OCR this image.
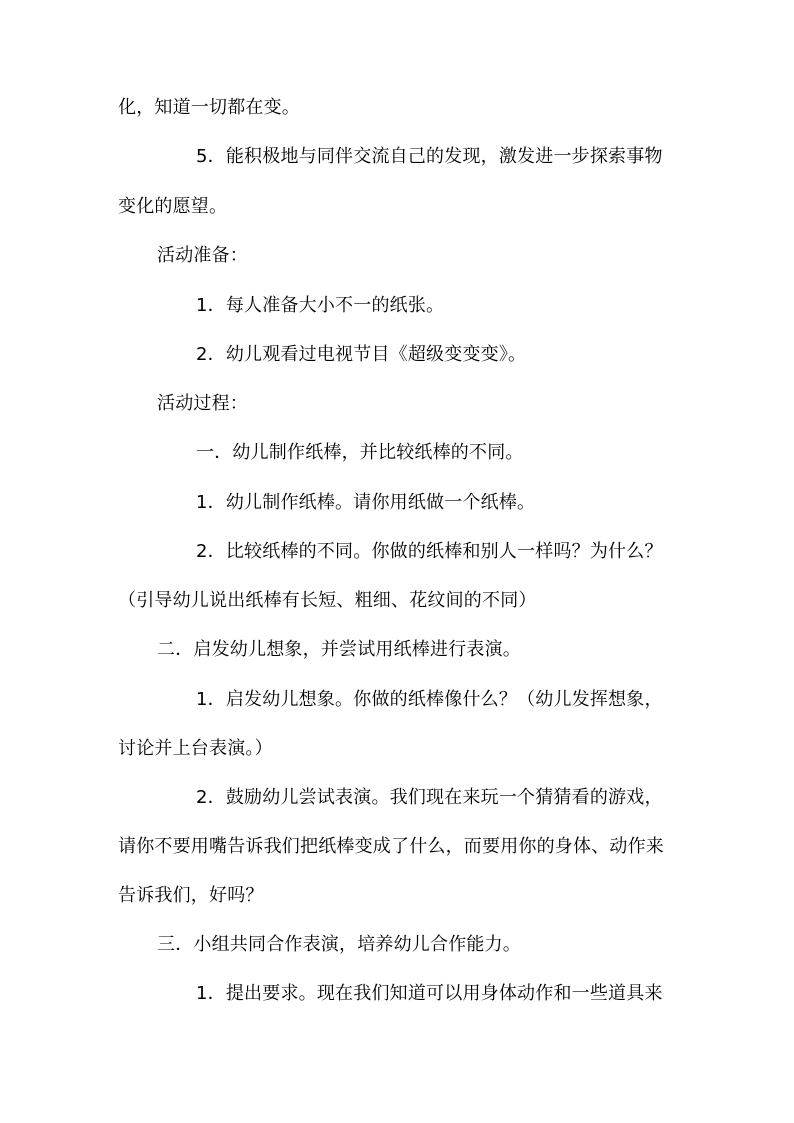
化，知道一切都在变。
5．能积极地与同伴交流自己的发现，激发进一步探索事物
变化的愿望。
活动准备：
1．每人准备大小不一的纸张。
2．幼儿观看过电视节目《超级变变变》。
活动过程：
一．幼儿制作纸棒，并比较纸棒的不同。
1．幼儿制作纸棒。请你用纸做一个纸棒。
2．比较纸棒的不同。你做的纸棒和别人一样吗？为什么？
（引导幼儿说出纸棒有长短、粗细、花纹间的不同）
二．启发幼儿想象，并尝试用纸棒进行表演。
1．启发幼儿想象。你做的纸棒像什么？（幼儿发挥想象，
讨论并上台表演。）
2．鼓励幼儿尝试表演。我们现在来玩一个猜猜看的游戏，
请你不要用嘴告诉我们把纸棒变成了什么，而要用你的身体、动作来
告诉我们，好吗？
三．小组共同合作表演，培养幼儿合作能力。
1．提出要求。现在我们知道可以用身体动作和一些道具来
